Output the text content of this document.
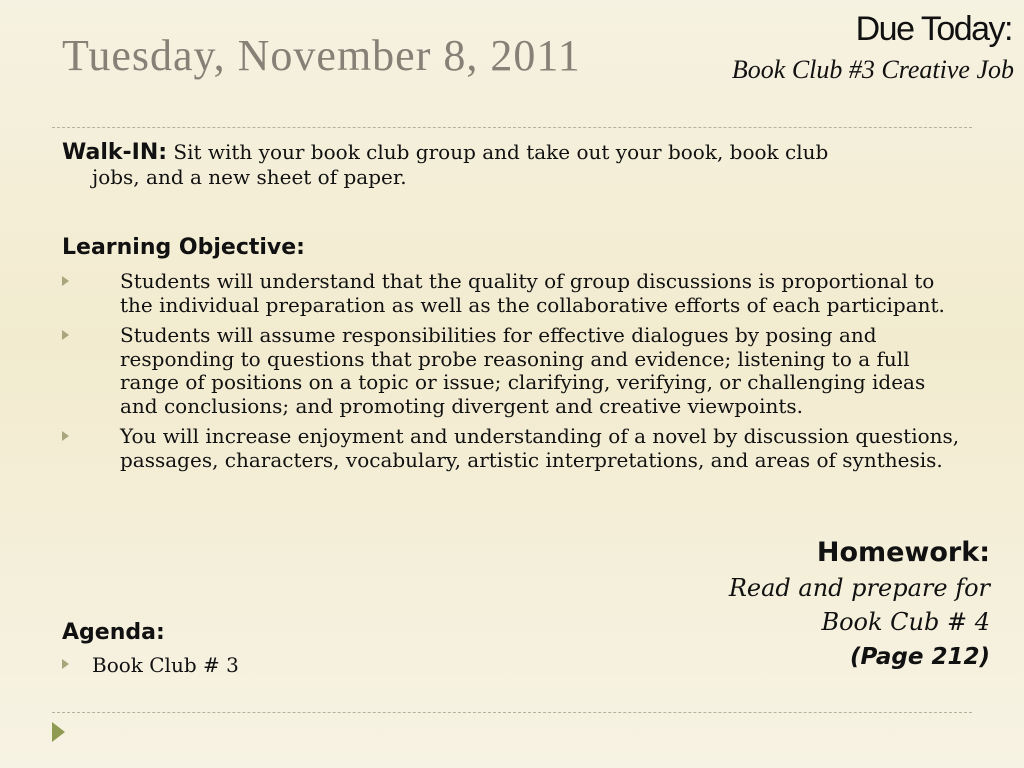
Tuesday, November 8, 2011
Due Today:
Book Club #3 Creative Job
Walk-IN: Sit with your book club group and take out your book, book club
jobs, and a new sheet of paper.
Learning Objective:
Students will understand that the quality of group discussions is proportional to the individual preparation as well as the collaborative efforts of each participant.
Students will assume responsibilities for effective dialogues by posing and responding to questions that probe reasoning and evidence; listening to a full range of positions on a topic or issue; clarifying, verifying, or challenging ideas and conclusions; and promoting divergent and creative viewpoints.
You will increase enjoyment and understanding of a novel by discussion questions, passages, characters, vocabulary, artistic interpretations, and areas of synthesis.
Homework:
Read and prepare for
Book Cub # 4
(Page 212)
Agenda:
Book Club # 3
